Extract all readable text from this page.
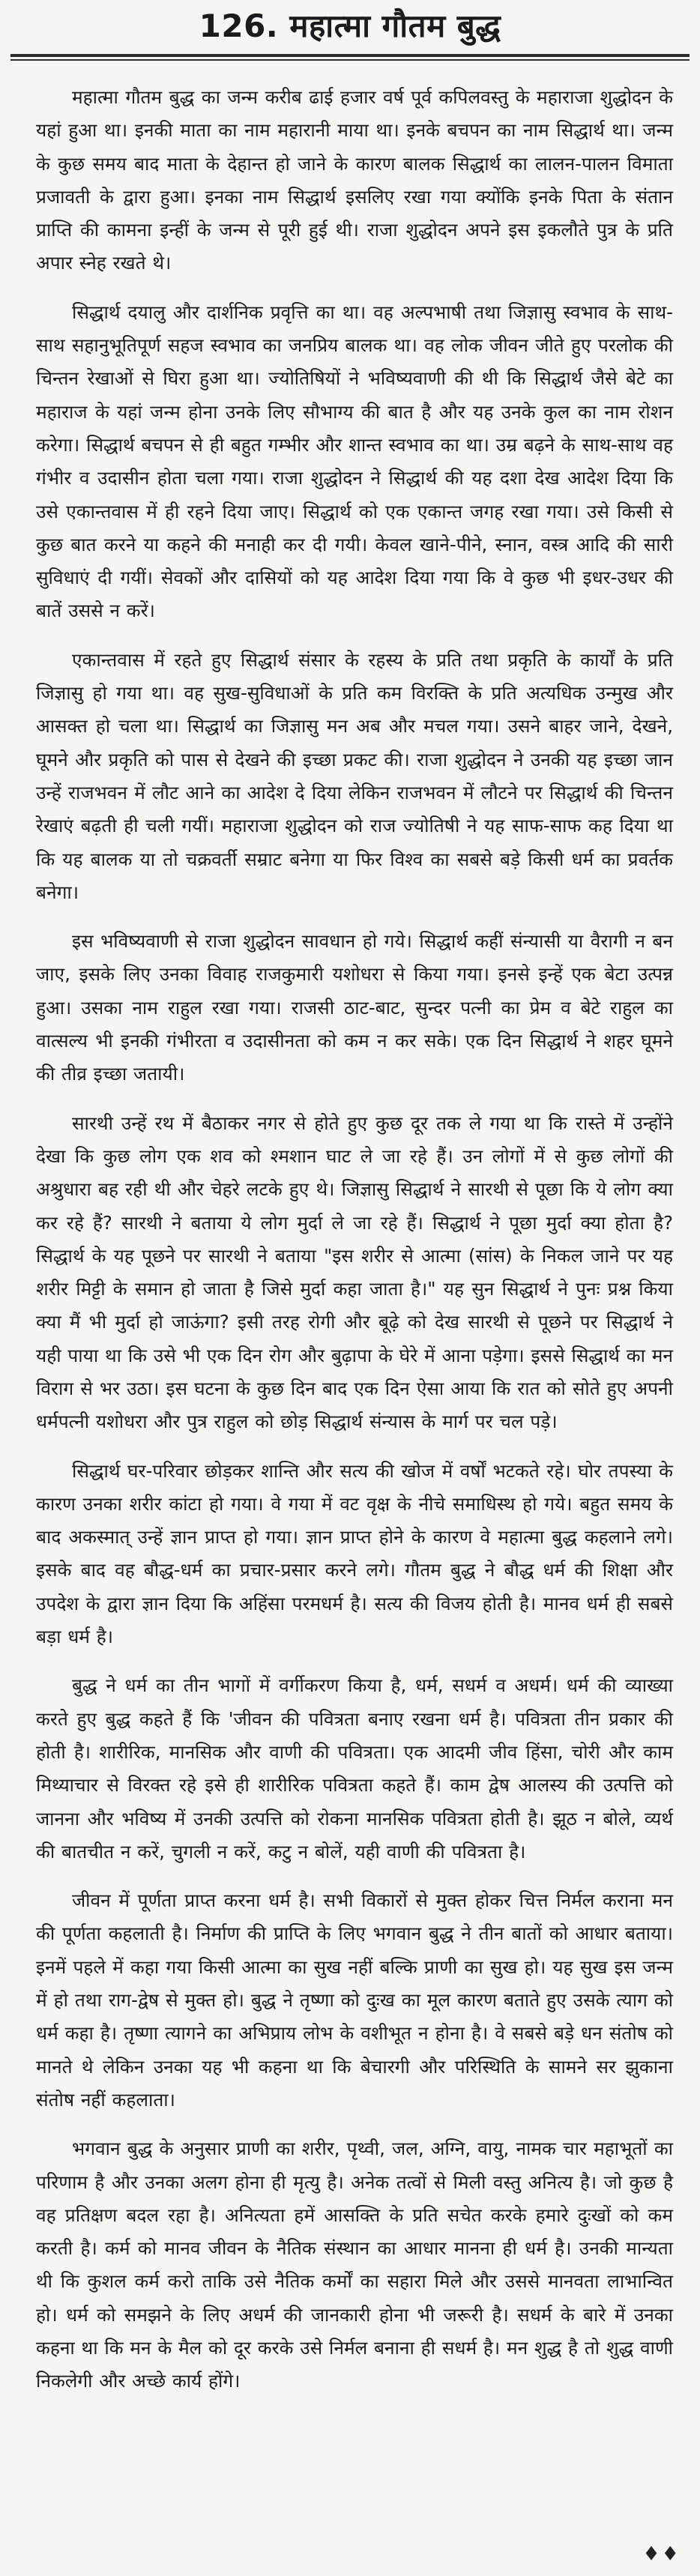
126. महात्मा गौतम बुद्ध

महात्मा गौतम बुद्ध का जन्म करीब ढाई हजार वर्ष पूर्व कपिलवस्तु के महाराजा शुद्धोदन के यहां हुआ था। इनकी माता का नाम महारानी माया था। इनके बचपन का नाम सिद्धार्थ था। जन्म के कुछ समय बाद माता के देहान्त हो जाने के कारण बालक सिद्धार्थ का लालन-पालन विमाता प्रजावती के द्वारा हुआ। इनका नाम सिद्धार्थ इसलिए रखा गया क्योंकि इनके पिता के संतान प्राप्ति की कामना इन्हीं के जन्म से पूरी हुई थी। राजा शुद्धोदन अपने इस इकलौते पुत्र के प्रति अपार स्नेह रखते थे।

सिद्धार्थ दयालु और दार्शनिक प्रवृत्ति का था। वह अल्पभाषी तथा जिज्ञासु स्वभाव के साथ-साथ सहानुभूतिपूर्ण सहज स्वभाव का जनप्रिय बालक था। वह लोक जीवन जीते हुए परलोक की चिन्तन रेखाओं से घिरा हुआ था। ज्योतिषियों ने भविष्यवाणी की थी कि सिद्धार्थ जैसे बेटे का महाराज के यहां जन्म होना उनके लिए सौभाग्य की बात है और यह उनके कुल का नाम रोशन करेगा। सिद्धार्थ बचपन से ही बहुत गम्भीर और शान्त स्वभाव का था। उम्र बढ़ने के साथ-साथ वह गंभीर व उदासीन होता चला गया। राजा शुद्धोदन ने सिद्धार्थ की यह दशा देख आदेश दिया कि उसे एकान्तवास में ही रहने दिया जाए। सिद्धार्थ को एक एकान्त जगह रखा गया। उसे किसी से कुछ बात करने या कहने की मनाही कर दी गयी। केवल खाने-पीने, स्नान, वस्त्र आदि की सारी सुविधाएं दी गयीं। सेवकों और दासियों को यह आदेश दिया गया कि वे कुछ भी इधर-उधर की बातें उससे न करें।

एकान्तवास में रहते हुए सिद्धार्थ संसार के रहस्य के प्रति तथा प्रकृति के कार्यों के प्रति जिज्ञासु हो गया था। वह सुख-सुविधाओं के प्रति कम विरक्ति के प्रति अत्यधिक उन्मुख और आसक्त हो चला था। सिद्धार्थ का जिज्ञासु मन अब और मचल गया। उसने बाहर जाने, देखने, घूमने और प्रकृति को पास से देखने की इच्छा प्रकट की। राजा शुद्धोदन ने उनकी यह इच्छा जान उन्हें राजभवन में लौट आने का आदेश दे दिया लेकिन राजभवन में लौटने पर सिद्धार्थ की चिन्तन रेखाएं बढ़ती ही चली गयीं। महाराजा शुद्धोदन को राज ज्योतिषी ने यह साफ-साफ कह दिया था कि यह बालक या तो चक्रवर्ती सम्राट बनेगा या फिर विश्व का सबसे बड़े किसी धर्म का प्रवर्तक बनेगा।

इस भविष्यवाणी से राजा शुद्धोदन सावधान हो गये। सिद्धार्थ कहीं संन्यासी या वैरागी न बन जाए, इसके लिए उनका विवाह राजकुमारी यशोधरा से किया गया। इनसे इन्हें एक बेटा उत्पन्न हुआ। उसका नाम राहुल रखा गया। राजसी ठाट-बाट, सुन्दर पत्नी का प्रेम व बेटे राहुल का वात्सल्य भी इनकी गंभीरता व उदासीनता को कम न कर सके। एक दिन सिद्धार्थ ने शहर घूमने की तीव्र इच्छा जतायी।

सारथी उन्हें रथ में बैठाकर नगर से होते हुए कुछ दूर तक ले गया था कि रास्ते में उन्होंने देखा कि कुछ लोग एक शव को श्मशान घाट ले जा रहे हैं। उन लोगों में से कुछ लोगों की अश्रुधारा बह रही थी और चेहरे लटके हुए थे। जिज्ञासु सिद्धार्थ ने सारथी से पूछा कि ये लोग क्या कर रहे हैं? सारथी ने बताया ये लोग मुर्दा ले जा रहे हैं। सिद्धार्थ ने पूछा मुर्दा क्या होता है? सिद्धार्थ के यह पूछने पर सारथी ने बताया "इस शरीर से आत्मा (सांस) के निकल जाने पर यह शरीर मिट्टी के समान हो जाता है जिसे मुर्दा कहा जाता है।" यह सुन सिद्धार्थ ने पुनः प्रश्न किया क्या मैं भी मुर्दा हो जाऊंगा? इसी तरह रोगी और बूढ़े को देख सारथी से पूछने पर सिद्धार्थ ने यही पाया था कि उसे भी एक दिन रोग और बुढ़ापा के घेरे में आना पड़ेगा। इससे सिद्धार्थ का मन विराग से भर उठा। इस घटना के कुछ दिन बाद एक दिन ऐसा आया कि रात को सोते हुए अपनी धर्मपत्नी यशोधरा और पुत्र राहुल को छोड़ सिद्धार्थ संन्यास के मार्ग पर चल पड़े।

सिद्धार्थ घर-परिवार छोड़कर शान्ति और सत्य की खोज में वर्षों भटकते रहे। घोर तपस्या के कारण उनका शरीर कांटा हो गया। वे गया में वट वृक्ष के नीचे समाधिस्थ हो गये। बहुत समय के बाद अकस्मात् उन्हें ज्ञान प्राप्त हो गया। ज्ञान प्राप्त होने के कारण वे महात्मा बुद्ध कहलाने लगे। इसके बाद वह बौद्ध-धर्म का प्रचार-प्रसार करने लगे। गौतम बुद्ध ने बौद्ध धर्म की शिक्षा और उपदेश के द्वारा ज्ञान दिया कि अहिंसा परमधर्म है। सत्य की विजय होती है। मानव धर्म ही सबसे बड़ा धर्म है।

बुद्ध ने धर्म का तीन भागों में वर्गीकरण किया है, धर्म, सधर्म व अधर्म। धर्म की व्याख्या करते हुए बुद्ध कहते हैं कि 'जीवन की पवित्रता बनाए रखना धर्म है। पवित्रता तीन प्रकार की होती है। शारीरिक, मानसिक और वाणी की पवित्रता। एक आदमी जीव हिंसा, चोरी और काम मिथ्याचार से विरक्त रहे इसे ही शारीरिक पवित्रता कहते हैं। काम द्वेष आलस्य की उत्पत्ति को जानना और भविष्य में उनकी उत्पत्ति को रोकना मानसिक पवित्रता होती है। झूठ न बोले, व्यर्थ की बातचीत न करें, चुगली न करें, कटु न बोलें, यही वाणी की पवित्रता है।

जीवन में पूर्णता प्राप्त करना धर्म है। सभी विकारों से मुक्त होकर चित्त निर्मल कराना मन की पूर्णता कहलाती है। निर्माण की प्राप्ति के लिए भगवान बुद्ध ने तीन बातों को आधार बताया। इनमें पहले में कहा गया किसी आत्मा का सुख नहीं बल्कि प्राणी का सुख हो। यह सुख इस जन्म में हो तथा राग-द्वेष से मुक्त हो। बुद्ध ने तृष्णा को दुःख का मूल कारण बताते हुए उसके त्याग को धर्म कहा है। तृष्णा त्यागने का अभिप्राय लोभ के वशीभूत न होना है। वे सबसे बड़े धन संतोष को मानते थे लेकिन उनका यह भी कहना था कि बेचारगी और परिस्थिति के सामने सर झुकाना संतोष नहीं कहलाता।

भगवान बुद्ध के अनुसार प्राणी का शरीर, पृथ्वी, जल, अग्नि, वायु, नामक चार महाभूतों का परिणाम है और उनका अलग होना ही मृत्यु है। अनेक तत्वों से मिली वस्तु अनित्य है। जो कुछ है वह प्रतिक्षण बदल रहा है। अनित्यता हमें आसक्ति के प्रति सचेत करके हमारे दुःखों को कम करती है। कर्म को मानव जीवन के नैतिक संस्थान का आधार मानना ही धर्म है। उनकी मान्यता थी कि कुशल कर्म करो ताकि उसे नैतिक कर्मों का सहारा मिले और उससे मानवता लाभान्वित हो। धर्म को समझने के लिए अधर्म की जानकारी होना भी जरूरी है। सधर्म के बारे में उनका कहना था कि मन के मैल को दूर करके उसे निर्मल बनाना ही सधर्म है। मन शुद्ध है तो शुद्ध वाणी निकलेगी और अच्छे कार्य होंगे।

♦♦
